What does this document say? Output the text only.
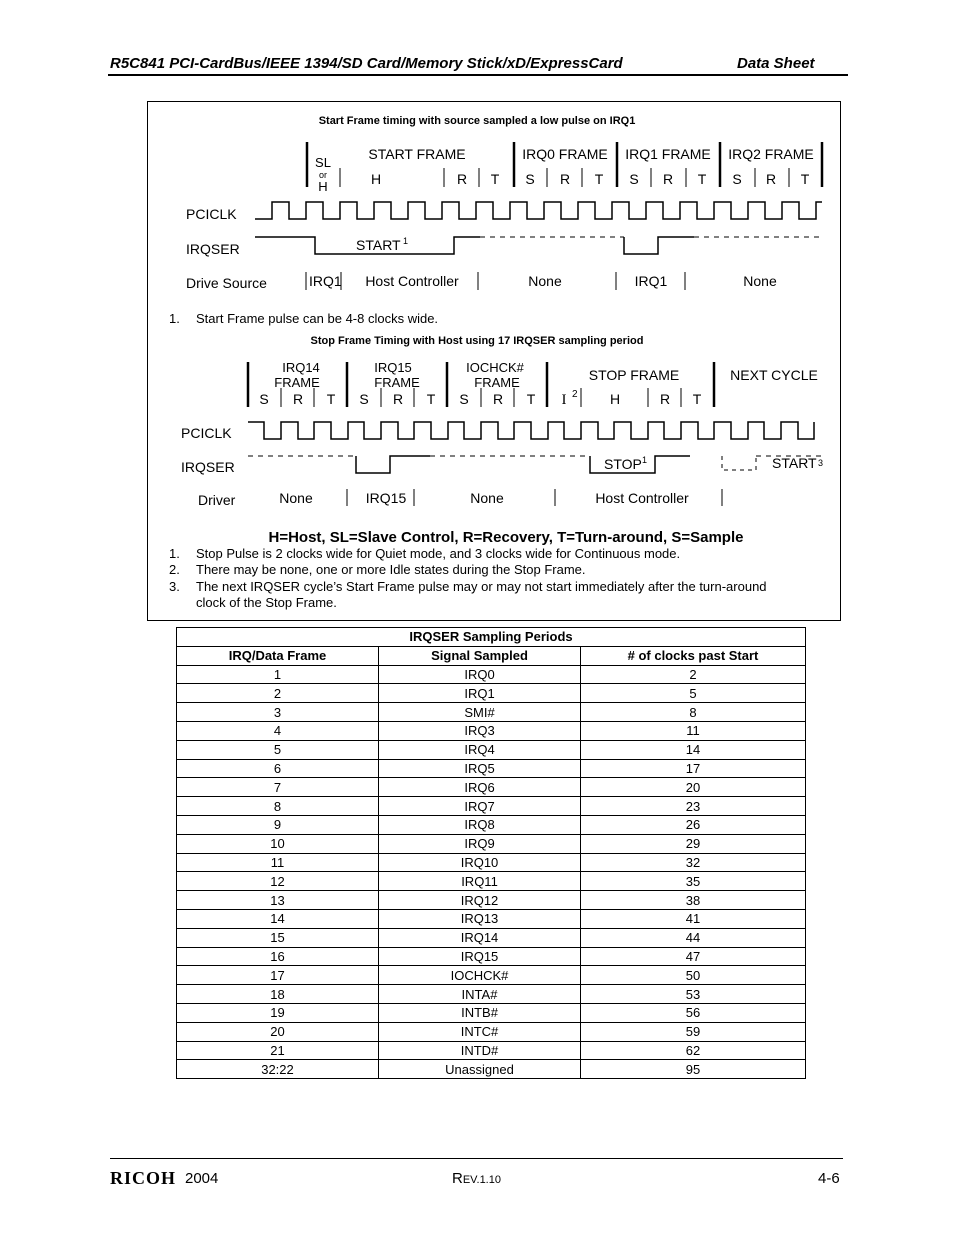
R5C841 PCI-CardBus/IEEE 1394/SD Card/Memory Stick/xD/ExpressCard	Data Sheet
Start Frame timing with source sampled a low pulse on IRQ1
SL
or
H
START FRAME	IRQ0 FRAME IRQ1 FRAME IRQ2 FRAME
H	R T S R T S R T S R T
PCICLK
IRQSER
Drive Source
START 1
IRQ1 Host Controller	None	IRQ1	None
1. Start Frame pulse can be 4-8 clocks wide.
Stop Frame Timing with Host using 17 IRQSER sampling period
IRQ14
FRAME
IRQ15
FRAME
IOCHCK#
FRAME	STOP FRAME	NEXT CYCLE
S R T S R T S R T	H	R T
I 2
PCICLK
IRQSER
Driver
STOP 1	START 3
None	IRQ15	None	Host Controller
H=Host, SL=Slave Control, R=Recovery, T=Turn-around, S=Sample
1. Stop Pulse is 2 clocks wide for Quiet mode, and 3 clocks wide for Continuous mode.
2. There may be none, one or more Idle states during the Stop Frame.
3. The next IRQSER cycle’s Start Frame pulse may or may not start immediately after the turn-around
clock of the Stop Frame.
IRQSER Sampling Periods		
IRQ/Data Frame	Signal Sampled	# of clocks past Start
1	IRQ0	2
2	IRQ1	5
3	SMI#	8
4	IRQ3	11
5	IRQ4	14
6	IRQ5	17
7	IRQ6	20
8	IRQ7	23
9	IRQ8	26
10	IRQ9	29
11	IRQ10	32
12	IRQ11	35
13	IRQ12	38
14	IRQ13	41
15	IRQ14	44
16	IRQ15	47
17	IOCHCK#	50
18	INTA#	53
19	INTB#	56
20	INTC#	59
21	INTD#	62
32:22	Unassigned	95
RICOH 2004	REV.1.10	4-6
